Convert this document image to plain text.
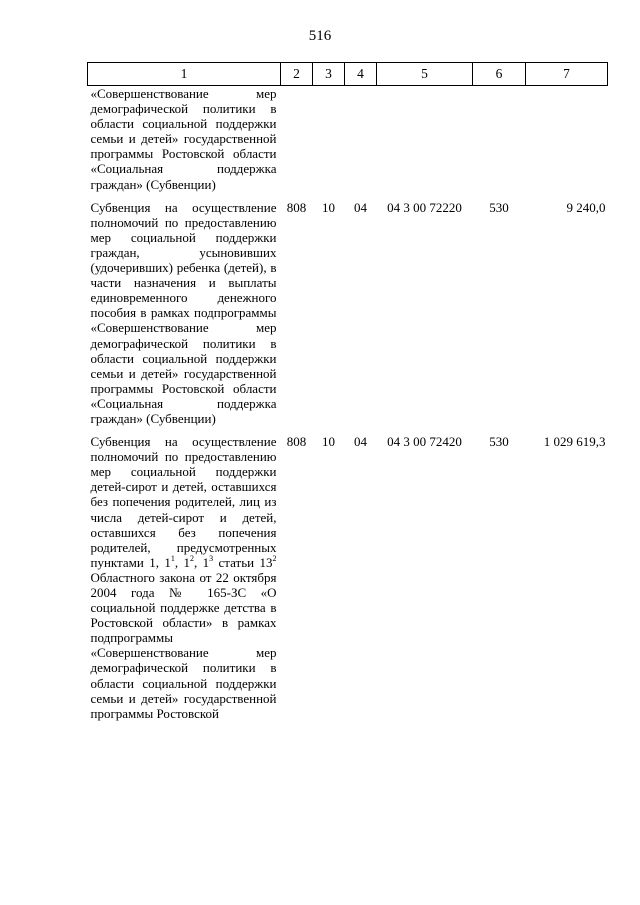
516
1	2	3	4	5	6	7
«Совершенствование мер демографической политики в области социальной поддержки семьи и детей» государственной программы Ростовской области «Социальная поддержка граждан» (Субвенции)						

Субвенция на осуществление полномочий по предоставлению мер социальной поддержки граждан, усыновивших (удочеривших) ребенка (детей), в части назначения и выплаты единовременного денежного пособия в рамках подпрограммы «Совершенствование мер демографической политики в области социальной поддержки семьи и детей» государственной программы Ростовской области «Социальная поддержка граждан» (Субвенции)	808	10	04	04 3 00 72220	530	9 240,0

Субвенция на осуществление полномочий по предоставлению мер социальной поддержки детей-сирот и детей, оставшихся без попечения родителей, лиц из числа детей-сирот и детей, оставшихся без попечения родителей, предусмотренных пунктами 1, $1^1$, $1^2$, $1^3$ статьи $13^2$ Областного закона от 22 октября 2004 года № 165-ЗС «О социальной поддержке детства в Ростовской области» в рамках подпрограммы «Совершенствование мер демографической политики в области социальной поддержки семьи и детей» государственной программы Ростовской	808	10	04	04 3 00 72420	530	1 029 619,3
